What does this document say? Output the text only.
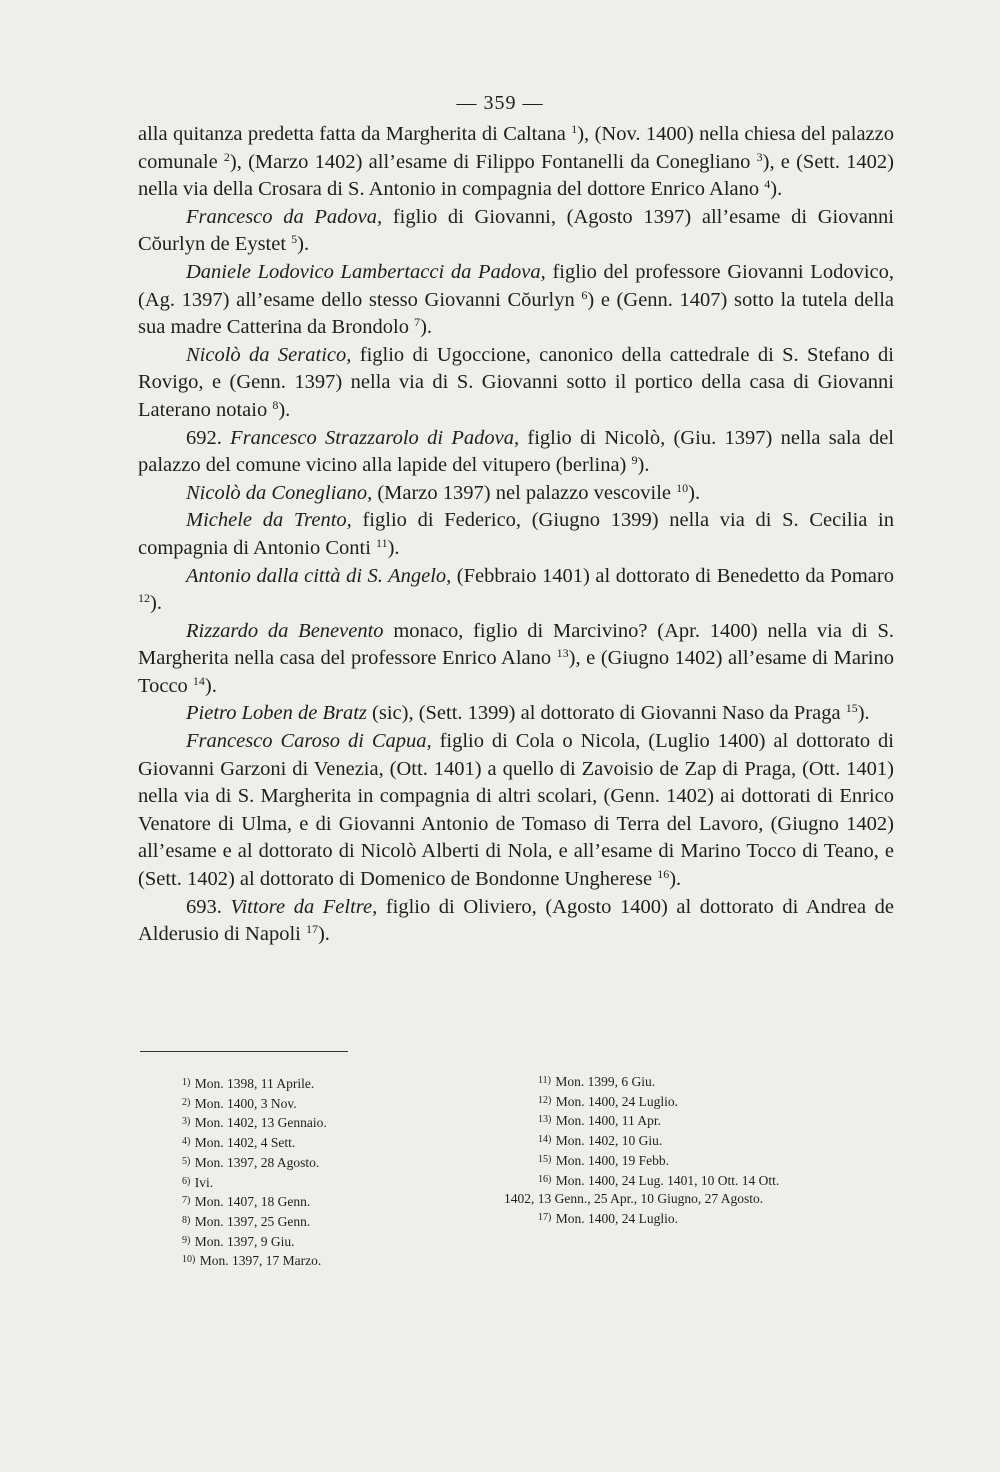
— 359 —

alla quitanza predetta fatta da Margherita di Caltana $^1$), (Nov. 1400) nella chiesa del palazzo comunale $^2$), (Marzo 1402) all’esame di Filippo Fontanelli da Conegliano $^3$), e (Sett. 1402) nella via della Crosara di S. Antonio in compagnia del dottore Enrico Alano $^4$).

Francesco da Padova, figlio di Giovanni, (Agosto 1397) all’esame di Giovanni Cŏurlyn de Eystet $^5$).

Daniele Lodovico Lambertacci da Padova, figlio del professore Giovanni Lodovico, (Ag. 1397) all’esame dello stesso Giovanni Cŏurlyn $^6$) e (Genn. 1407) sotto la tutela della sua madre Catterina da Brondolo $^7$).

Nicolò da Seratico, figlio di Ugoccione, canonico della cattedrale di S. Stefano di Rovigo, e (Genn. 1397) nella via di S. Giovanni sotto il portico della casa di Giovanni Laterano notaio $^8$).

692. Francesco Strazzarolo di Padova, figlio di Nicolò, (Giu. 1397) nella sala del palazzo del comune vicino alla lapide del vitupero (berlina) $^9$).

Nicolò da Conegliano, (Marzo 1397) nel palazzo vescovile $^{10}$).

Michele da Trento, figlio di Federico, (Giugno 1399) nella via di S. Cecilia in compagnia di Antonio Conti $^{11}$).

Antonio dalla città di S. Angelo, (Febbraio 1401) al dottorato di Benedetto da Pomaro $^{12}$).

Rizzardo da Benevento monaco, figlio di Marcivino? (Apr. 1400) nella via di S. Margherita nella casa del professore Enrico Alano $^{13}$), e (Giugno 1402) all’esame di Marino Tocco $^{14}$).

Pietro Loben de Bratz (sic), (Sett. 1399) al dottorato di Giovanni Naso da Praga $^{15}$).

Francesco Caroso di Capua, figlio di Cola o Nicola, (Luglio 1400) al dottorato di Giovanni Garzoni di Venezia, (Ott. 1401) a quello di Zavoisio de Zap di Praga, (Ott. 1401) nella via di S. Margherita in compagnia di altri scolari, (Genn. 1402) ai dottorati di Enrico Venatore di Ulma, e di Giovanni Antonio de Tomaso di Terra del Lavoro, (Giugno 1402) all’esame e al dottorato di Nicolò Alberti di Nola, e all’esame di Marino Tocco di Teano, e (Sett. 1402) al dottorato di Domenico de Bondonne Ungherese $^{16}$).

693. Vittore da Feltre, figlio di Oliviero, (Agosto 1400) al dottorato di Andrea de Alderusio di Napoli $^{17}$).

$^{1)}$ Mon. 1398, 11 Aprile.
$^{2)}$ Mon. 1400, 3 Nov.
$^{3)}$ Mon. 1402, 13 Gennaio.
$^{4)}$ Mon. 1402, 4 Sett.
$^{5)}$ Mon. 1397, 28 Agosto.
$^{6)}$ Ivi.
$^{7)}$ Mon. 1407, 18 Genn.
$^{8)}$ Mon. 1397, 25 Genn.
$^{9)}$ Mon. 1397, 9 Giu.
$^{10)}$ Mon. 1397, 17 Marzo.
$^{11)}$ Mon. 1399, 6 Giu.
$^{12)}$ Mon. 1400, 24 Luglio.
$^{13)}$ Mon. 1400, 11 Apr.
$^{14)}$ Mon. 1402, 10 Giu.
$^{15)}$ Mon. 1400, 19 Febb.
$^{16)}$ Mon. 1400, 24 Lug. 1401, 10 Ott. 14 Ott.
1402, 13 Genn., 25 Apr., 10 Giugno, 27 Agosto.
$^{17)}$ Mon. 1400, 24 Luglio.
